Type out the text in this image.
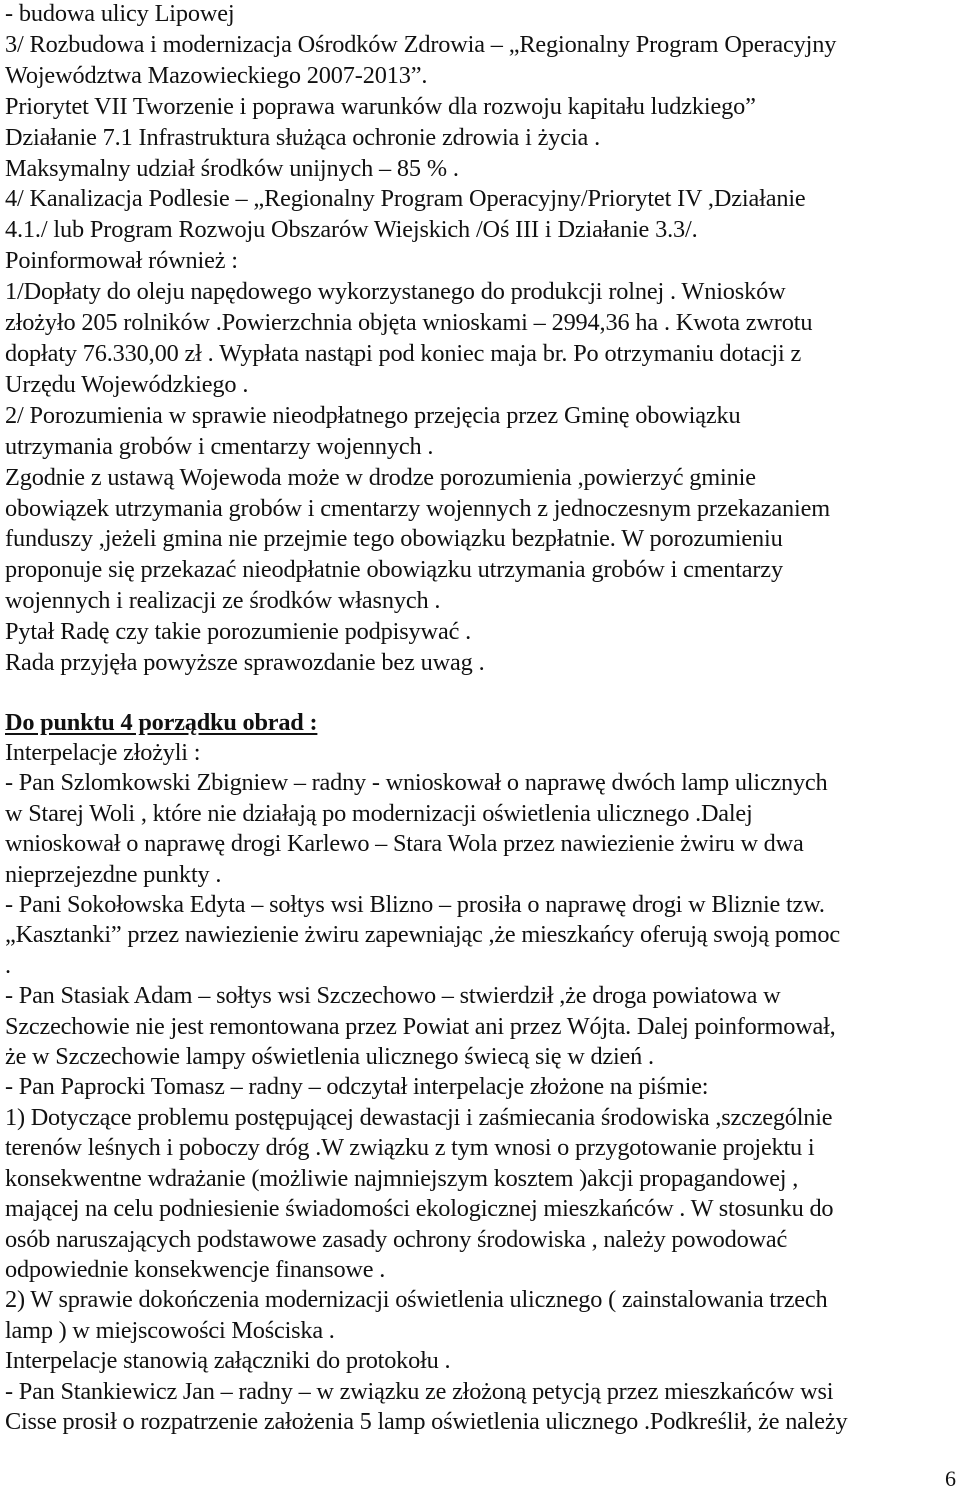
- budowa ulicy Lipowej
3/ Rozbudowa i modernizacja Ośrodków Zdrowia – „Regionalny Program Operacyjny
Województwa Mazowieckiego 2007-2013”.
Priorytet VII Tworzenie i poprawa warunków dla rozwoju kapitału ludzkiego”
Działanie 7.1 Infrastruktura służąca ochronie zdrowia i życia .
Maksymalny udział środków unijnych – 85 % .
4/ Kanalizacja Podlesie – „Regionalny Program Operacyjny/Priorytet IV ,Działanie
4.1./ lub Program Rozwoju Obszarów Wiejskich /Oś III i Działanie 3.3/.
Poinformował również :
1/Dopłaty do oleju napędowego wykorzystanego do produkcji rolnej . Wniosków
złożyło 205 rolników .Powierzchnia objęta wnioskami – 2994,36 ha . Kwota zwrotu
dopłaty 76.330,00 zł . Wypłata nastąpi pod koniec maja br. Po otrzymaniu dotacji z
Urzędu Wojewódzkiego .
2/ Porozumienia w sprawie nieodpłatnego przejęcia przez Gminę obowiązku
utrzymania grobów i cmentarzy wojennych .
Zgodnie z ustawą Wojewoda może w drodze porozumienia ,powierzyć gminie
obowiązek utrzymania grobów i cmentarzy wojennych z jednoczesnym przekazaniem
funduszy ,jeżeli gmina nie przejmie tego obowiązku bezpłatnie. W porozumieniu
proponuje się przekazać nieodpłatnie obowiązku utrzymania grobów i cmentarzy
wojennych i realizacji ze środków własnych .
Pytał Radę czy takie porozumienie podpisywać .
Rada przyjęła powyższe sprawozdanie bez uwag .
Do punktu 4 porządku obrad :
Interpelacje złożyli :
- Pan Szlomkowski Zbigniew – radny - wnioskował o naprawę dwóch lamp ulicznych
w Starej Woli , które nie działają po modernizacji oświetlenia ulicznego .Dalej
wnioskował o naprawę drogi Karlewo – Stara Wola przez nawiezienie żwiru w dwa
nieprzejezdne punkty .
- Pani Sokołowska Edyta – sołtys wsi Blizno – prosiła o naprawę drogi w Bliznie tzw.
„Kasztanki” przez nawiezienie żwiru zapewniając ,że mieszkańcy oferują swoją pomoc
.
- Pan Stasiak Adam – sołtys wsi Szczechowo – stwierdził ,że droga powiatowa w
Szczechowie nie jest remontowana przez Powiat ani przez Wójta. Dalej poinformował,
że w Szczechowie lampy oświetlenia ulicznego świecą się w dzień .
- Pan Paprocki Tomasz – radny – odczytał interpelacje złożone na piśmie:
1) Dotyczące problemu postępującej dewastacji i zaśmiecania środowiska ,szczególnie
terenów leśnych i poboczy dróg .W związku z tym wnosi o przygotowanie projektu i
konsekwentne wdrażanie (możliwie najmniejszym kosztem )akcji propagandowej ,
mającej na celu podniesienie świadomości ekologicznej mieszkańców . W stosunku do
osób naruszających podstawowe zasady ochrony środowiska , należy powodować
odpowiednie konsekwencje finansowe .
2) W sprawie dokończenia modernizacji oświetlenia ulicznego ( zainstalowania trzech
lamp ) w miejscowości Mościska .
Interpelacje stanowią załączniki do protokołu .
- Pan Stankiewicz Jan – radny – w związku ze złożoną petycją przez mieszkańców wsi
Cisse prosił o rozpatrzenie założenia 5 lamp oświetlenia ulicznego .Podkreślił, że należy
6
